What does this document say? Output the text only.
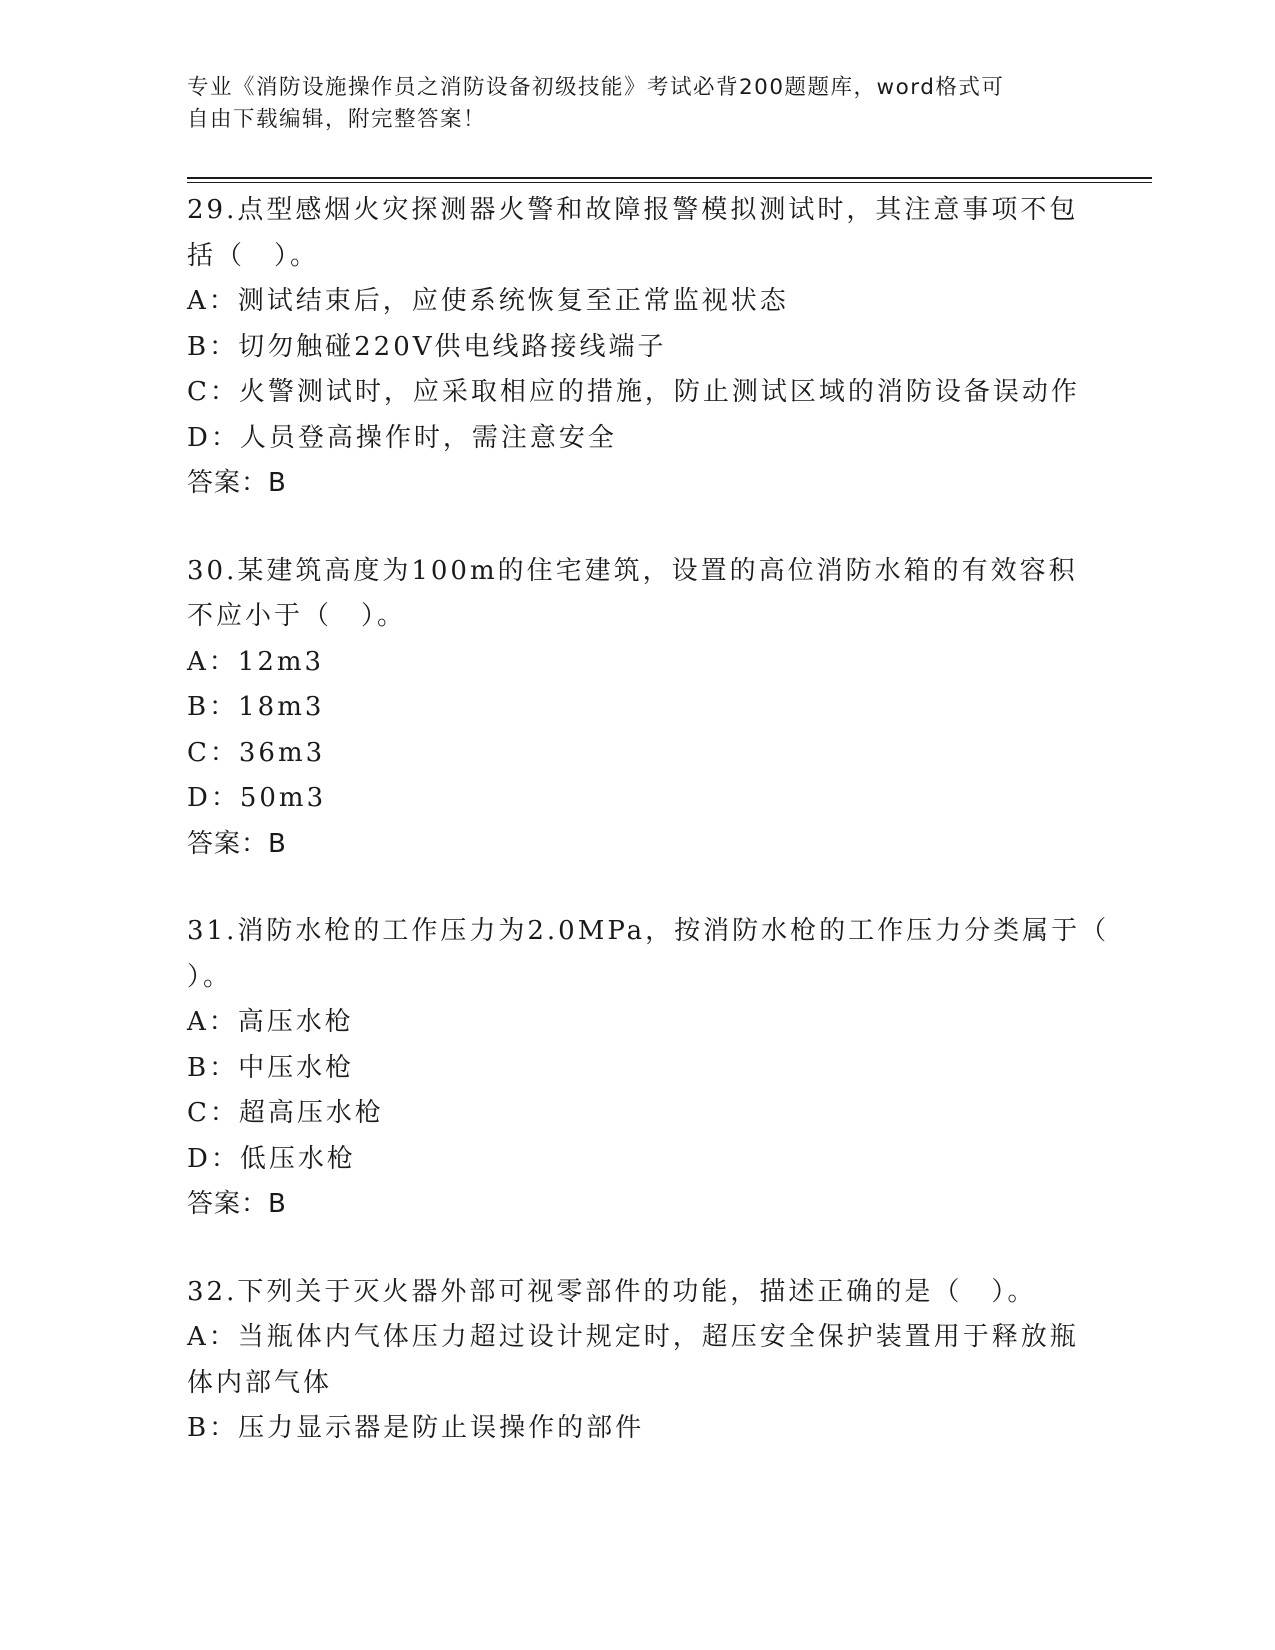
专业《消防设施操作员之消防设备初级技能》考试必背200题题库，word格式可
自由下载编辑，附完整答案！
29.点型感烟火灾探测器火警和故障报警模拟测试时，其注意事项不包
括（　）。
A：测试结束后，应使系统恢复至正常监视状态
B：切勿触碰220V供电线路接线端子
C：火警测试时，应采取相应的措施，防止测试区域的消防设备误动作
D：人员登高操作时，需注意安全
答案：B
30.某建筑高度为100m的住宅建筑，设置的高位消防水箱的有效容积
不应小于（　）。
A：12m3
B：18m3
C：36m3
D：50m3
答案：B
31.消防水枪的工作压力为2.0MPa，按消防水枪的工作压力分类属于（
）。
A：高压水枪
B：中压水枪
C：超高压水枪
D：低压水枪
答案：B
32.下列关于灭火器外部可视零部件的功能，描述正确的是（　）。
A：当瓶体内气体压力超过设计规定时，超压安全保护装置用于释放瓶
体内部气体
B：压力显示器是防止误操作的部件
